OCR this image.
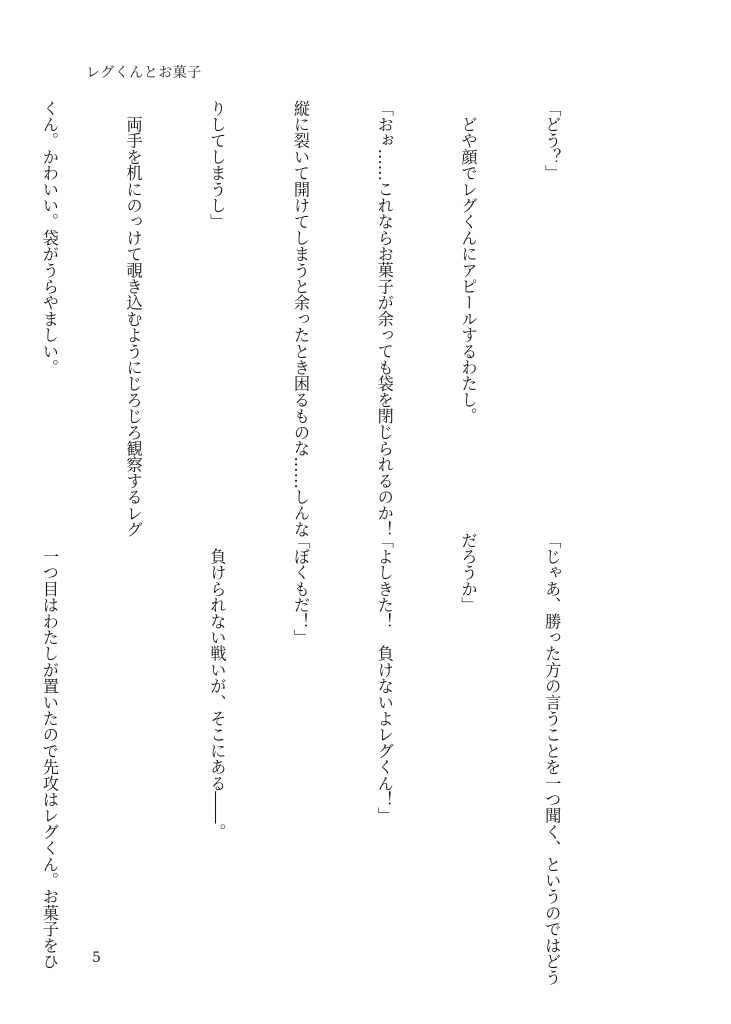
レグくんとお菓子

「どう？」

　どや顔でレグくんにアピールするわたし。

「おぉ……これならお菓子が余っても袋を閉じられるのか！

縦に裂いて開けてしまうと余ったとき困るものな……しんな

りしてしまうし」

　両手を机にのっけて覗き込むようにじろじろ観察するレグ

くん。かわいい。袋がうらやましい。

「じゃあ、勝った方の言うことを一つ聞く、というのではどう

だろうか」

「よしきた！　負けないよレグくん！」

「ぼくもだ！」

　負けられない戦いが、そこにある――。

　一つ目はわたしが置いたので先攻はレグくん。お菓子をひ

5
